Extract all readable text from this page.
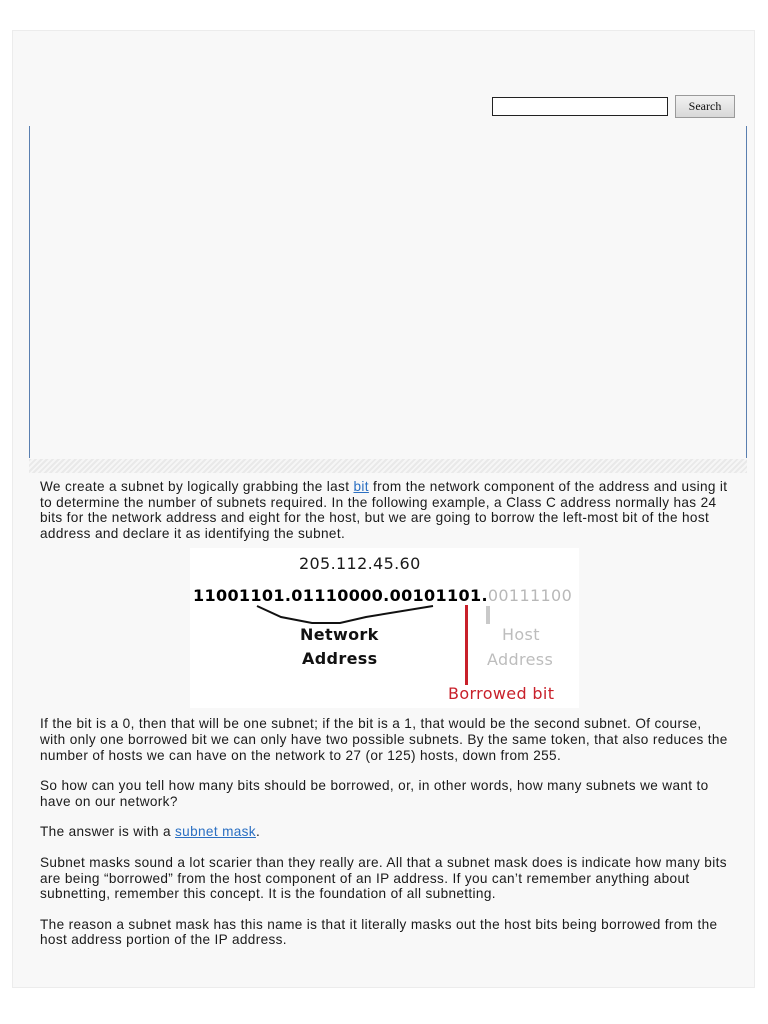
Search

We create a subnet by logically grabbing the last bit from the network component of the address and using it to determine the number of subnets required. In the following example, a Class C address normally has 24 bits for the network address and eight for the host, but we are going to borrow the left-most bit of the host address and declare it as identifying the subnet.

205.112.45.60
11001101.01110000.00101101.00111100
Network
Address
Host
Address
Borrowed bit

If the bit is a 0, then that will be one subnet; if the bit is a 1, that would be the second subnet. Of course, with only one borrowed bit we can only have two possible subnets. By the same token, that also reduces the number of hosts we can have on the network to 27 (or 125) hosts, down from 255.

So how can you tell how many bits should be borrowed, or, in other words, how many subnets we want to have on our network?

The answer is with a subnet mask.

Subnet masks sound a lot scarier than they really are. All that a subnet mask does is indicate how many bits are being “borrowed” from the host component of an IP address. If you can’t remember anything about subnetting, remember this concept. It is the foundation of all subnetting.

The reason a subnet mask has this name is that it literally masks out the host bits being borrowed from the host address portion of the IP address.
